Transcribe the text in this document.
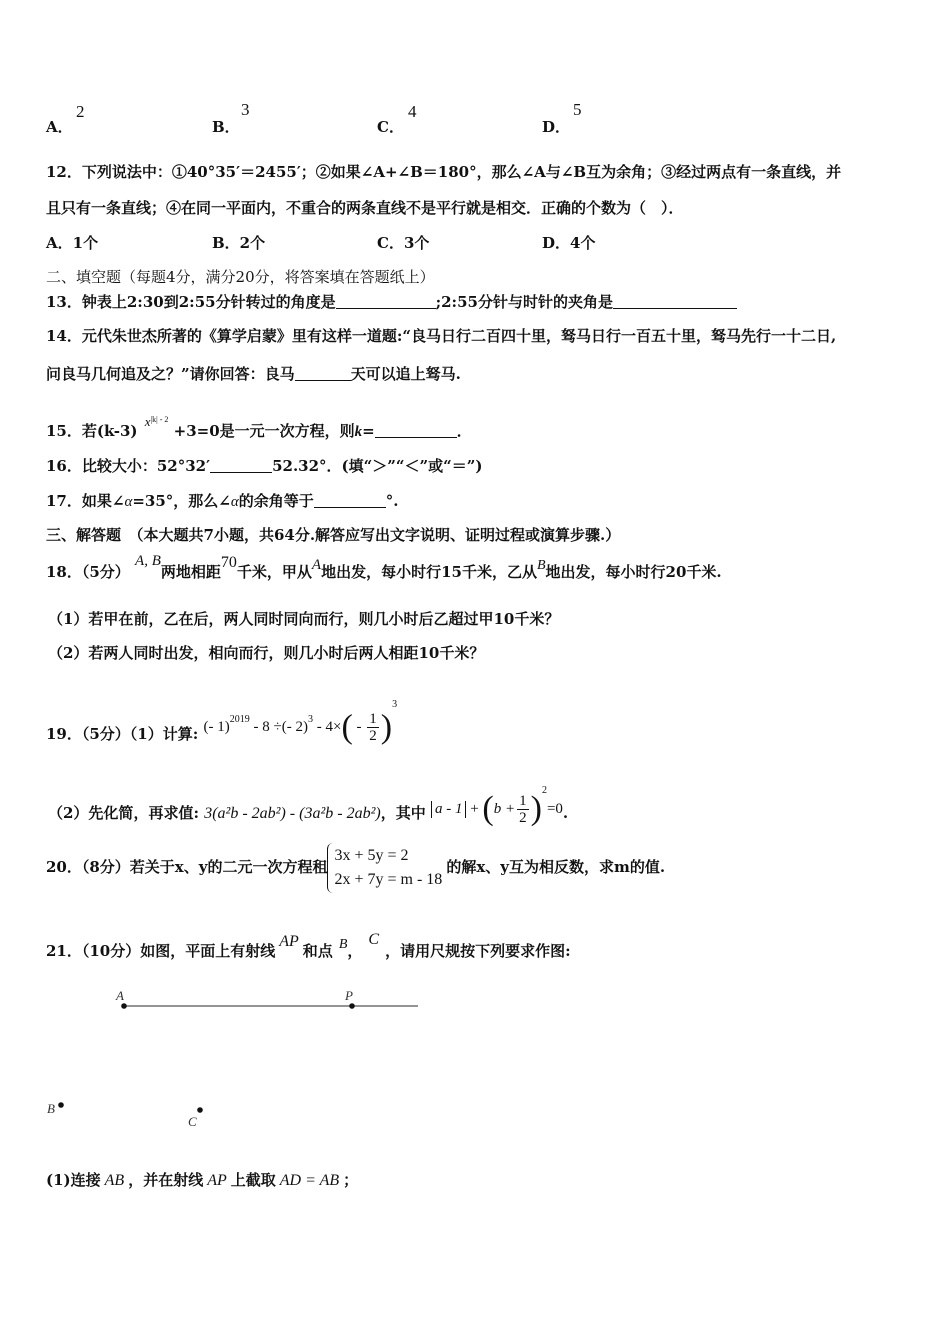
A．
2
B．
3
C．
4
D．
5
12．下列说法中：①40°35′＝2455′；②如果∠A+∠B＝180°，那么∠A与∠B互为余角；③经过两点有一条直线，并
且只有一条直线；④在同一平面内，不重合的两条直线不是平行就是相交．正确的个数为（　）．
A．1个	B．2个	C．3个	D．4个
二、填空题（每题4分，满分20分，将答案填在答题纸上）
13．钟表上2:30到2:55分针转过的角度是	;2:55分针与时针的夹角是
14．元代朱世杰所著的《算学启蒙》里有这样一道题:“良马日行二百四十里，驽马日行一百五十里，驽马先行一十二日,
问良马几何追及之？”请你回答：良马	天可以追上驽马.
15．若(k-3) $x^{|k| - 2} +3=0$是一元一次方程，则k=	．
16．比较大小：52°32′	52.32°．(填“＞”“＜”或“＝”)
17．如果∠α=35°，那么∠α的余角等于	°.
三、解答题　（本大题共7小题，共64分.解答应写出文字说明、证明过程或演算步骤.）
18．（5分） A, B两地相距70千米，甲从A地出发，每小时行15千米，乙从B地出发，每小时行20千米.
（1）若甲在前，乙在后，两人同时同向而行，则几小时后乙超过甲10千米？
（2）若两人同时出发，相向而行，则几小时后两人相距10千米？
19．（5分）（1）计算: (- 1)$^{2019}$ - 8 ÷(- $2)^3 - 4\times( - \frac{1}{2} )^3$
（2）先化简，再求值: 3(a²b - 2ab²) - (3a²b - 2ab²)，其中 $a - 1 + (b + \frac{1}{2} )^2=0$.
20．（8分）若关于x、y的二元一次方程租
3x + 5y = 2
2x + 7y = m - 18
的解x、y互为相反数，求m的值.
21．（10分）如图，平面上有射线AP和点 B，C，请用尺规按下列要求作图:
A	P
B
C
(1)连接 AB ，并在射线 AP 上截取 AD = AB ；
